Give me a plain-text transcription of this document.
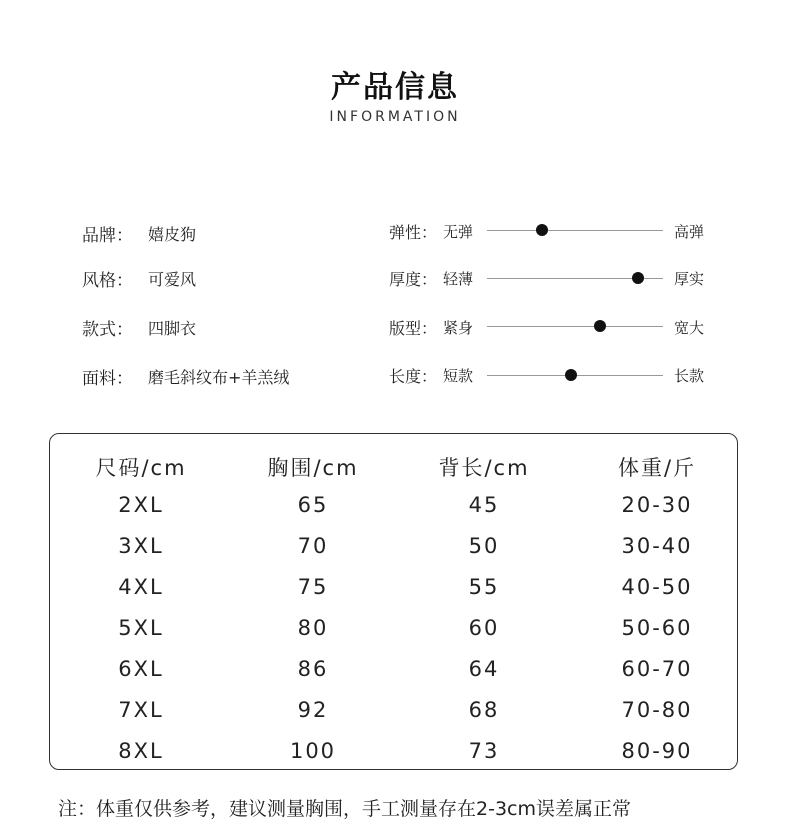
产品信息
INFORMATION
品牌： 嬉皮狗
风格： 可爱风
款式： 四脚衣
面料： 磨毛斜纹布+羊羔绒
弹性： 无弹	高弹
厚度： 轻薄	厚实
版型： 紧身	宽大
长度： 短款	长款
尺码/cm	胸围/cm	背长/cm	体重/斤
2XL	65	45	20-30
3XL	70	50	30-40
4XL	75	55	40-50
5XL	80	60	50-60
6XL	86	64	60-70
7XL	92	68	70-80
8XL	100	73	80-90
注：体重仅供参考，建议测量胸围，手工测量存在2-3cm误差属正常
